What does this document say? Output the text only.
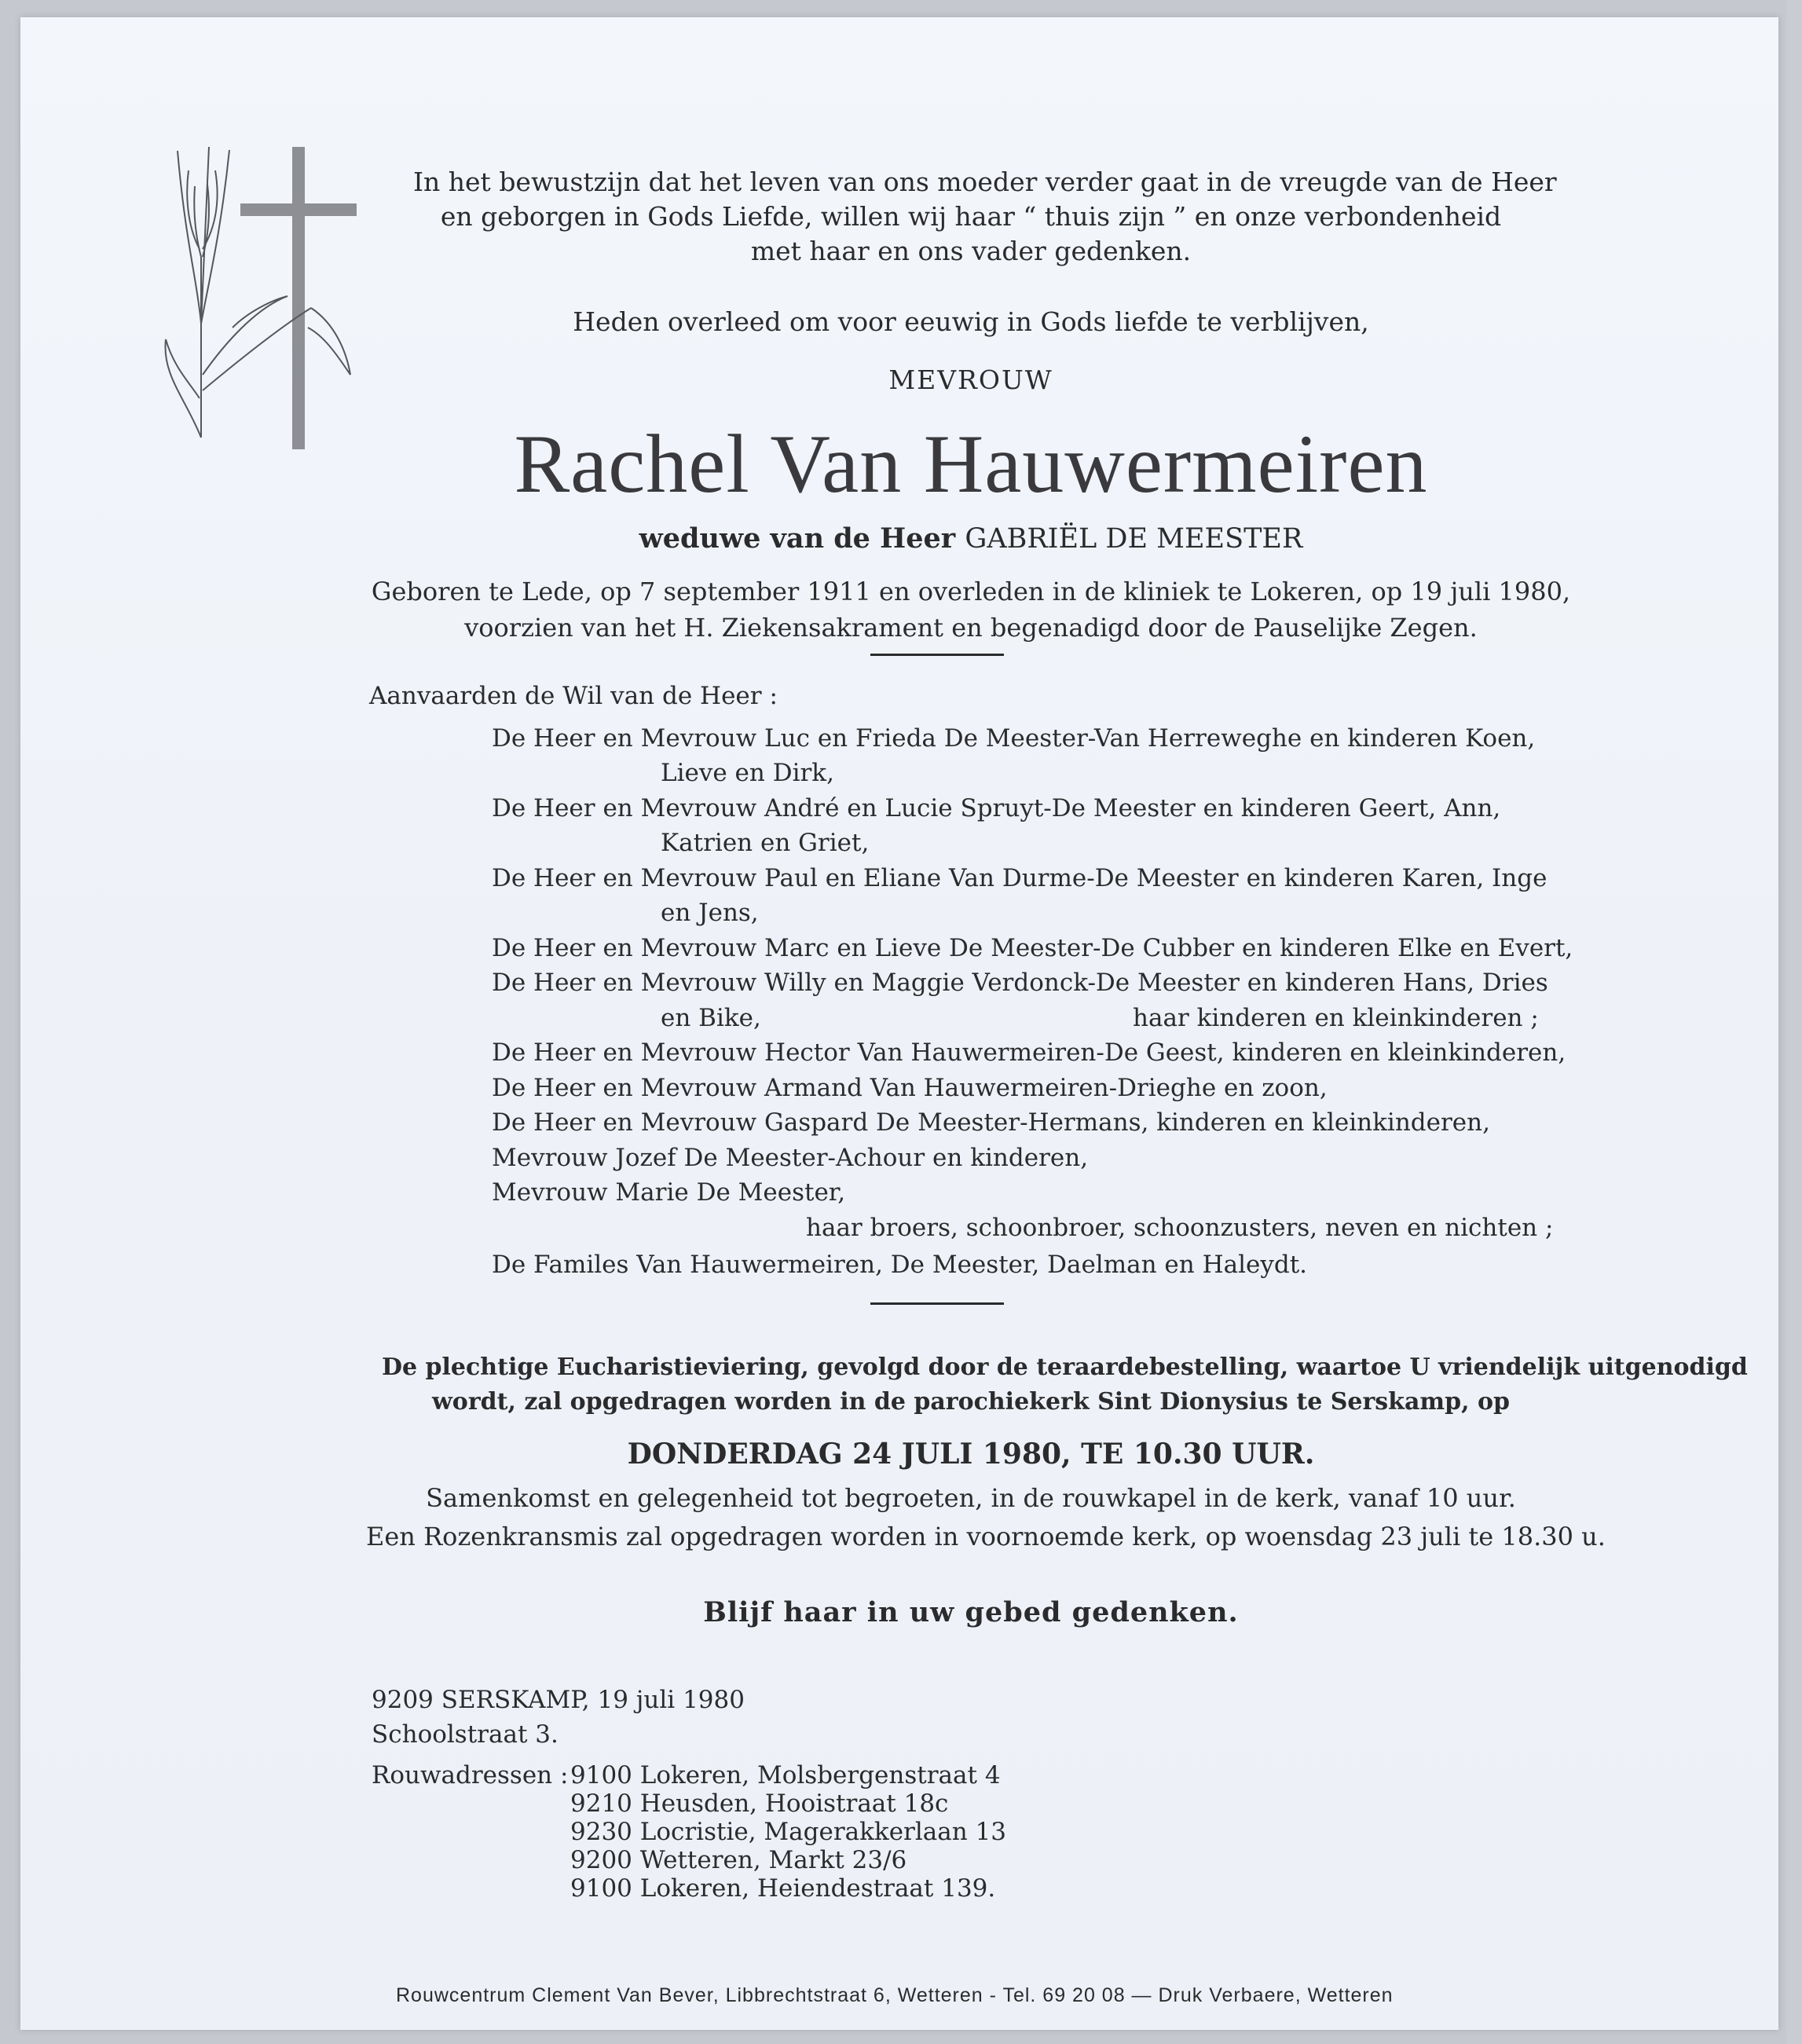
In het bewustzijn dat het leven van ons moeder verder gaat in de vreugde van de Heer
en geborgen in Gods Liefde, willen wij haar “ thuis zijn ” en onze verbondenheid
met haar en ons vader gedenken.
Heden overleed om voor eeuwig in Gods liefde te verblijven,
MEVROUW
Rachel Van Hauwermeiren
weduwe van de Heer GABRIËL DE MEESTER
Geboren te Lede, op 7 september 1911 en overleden in de kliniek te Lokeren, op 19 juli 1980,
voorzien van het H. Ziekensakrament en begenadigd door de Pauselijke Zegen.
Aanvaarden de Wil van de Heer :
De Heer en Mevrouw Luc en Frieda De Meester-Van Herreweghe en kinderen Koen,
Lieve en Dirk,
De Heer en Mevrouw André en Lucie Spruyt-De Meester en kinderen Geert, Ann,
Katrien en Griet,
De Heer en Mevrouw Paul en Eliane Van Durme-De Meester en kinderen Karen, Inge
en Jens,
De Heer en Mevrouw Marc en Lieve De Meester-De Cubber en kinderen Elke en Evert,
De Heer en Mevrouw Willy en Maggie Verdonck-De Meester en kinderen Hans, Dries
en Bike,	haar kinderen en kleinkinderen ;
De Heer en Mevrouw Hector Van Hauwermeiren-De Geest, kinderen en kleinkinderen,
De Heer en Mevrouw Armand Van Hauwermeiren-Drieghe en zoon,
De Heer en Mevrouw Gaspard De Meester-Hermans, kinderen en kleinkinderen,
Mevrouw Jozef De Meester-Achour en kinderen,
Mevrouw Marie De Meester,
haar broers, schoonbroer, schoonzusters, neven en nichten ;
De Familes Van Hauwermeiren, De Meester, Daelman en Haleydt.
De plechtige Eucharistieviering, gevolgd door de teraardebestelling, waartoe U vriendelijk uitgenodigd
wordt, zal opgedragen worden in de parochiekerk Sint Dionysius te Serskamp, op
DONDERDAG 24 JULI 1980, TE 10.30 UUR.
Samenkomst en gelegenheid tot begroeten, in de rouwkapel in de kerk, vanaf 10 uur.
Een Rozenkransmis zal opgedragen worden in voornoemde kerk, op woensdag 23 juli te 18.30 u.
Blijf haar in uw gebed gedenken.
9209 SERSKAMP, 19 juli 1980
Schoolstraat 3.
Rouwadressen : 9100 Lokeren, Molsbergenstraat 4
9210 Heusden, Hooistraat 18c
9230 Locristie, Magerakkerlaan 13
9200 Wetteren, Markt 23/6
9100 Lokeren, Heiendestraat 139.
Rouwcentrum Clement Van Bever, Libbrechtstraat 6, Wetteren - Tel. 69 20 08 — Druk Verbaere, Wetteren
